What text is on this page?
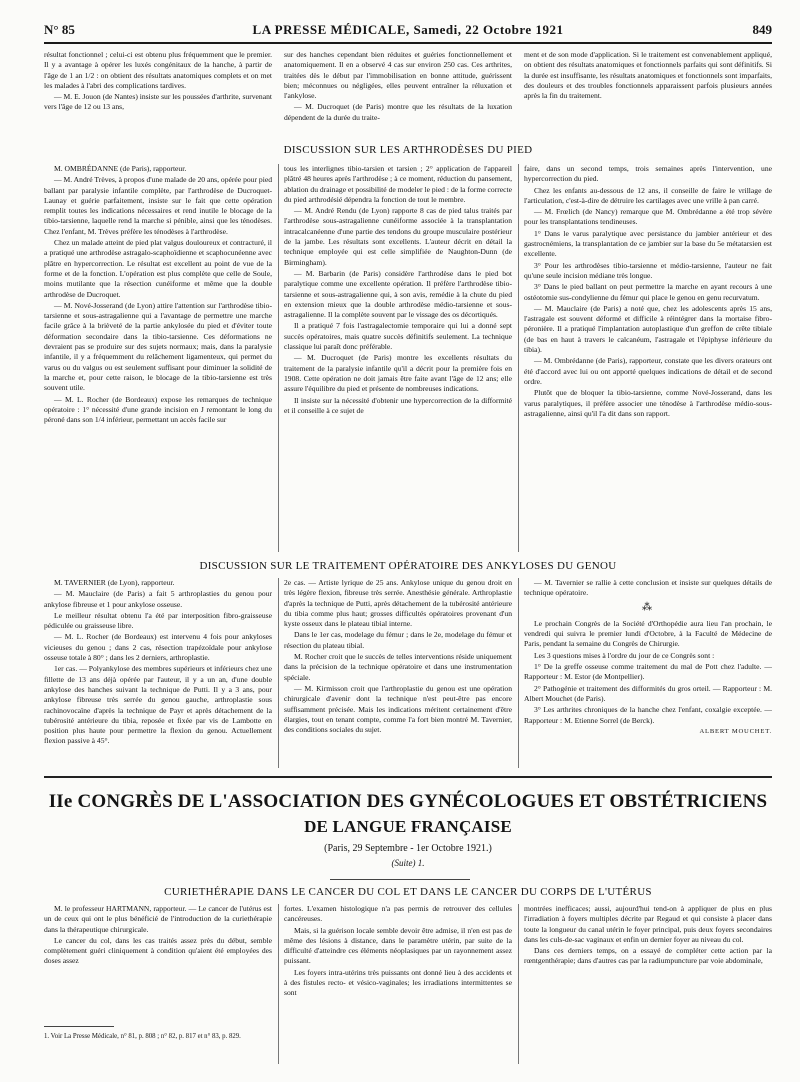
N° 85	LA PRESSE MÉDICALE, Samedi, 22 Octobre 1921	849

résultat fonctionnel ; celui-ci est obtenu plus fréquemment que le premier. Il y a avantage à opérer les luxés congénitaux de la hanche, à partir de l'âge de 1 an 1/2 : on obtient des résultats anatomiques complets et on met les malades à l'abri des complications tardives.

— M. E. Jouon (de Nantes) insiste sur les poussées d'arthrite, survenant vers l'âge de 12 ou 13 ans,

sur des hanches cependant bien réduites et guéries fonctionnellement et anatomiquement. Il en a observé 4 cas sur environ 250 cas. Ces arthrites, traitées dès le début par l'immobilisation en bonne attitude, guérissent bien; méconnues ou négligées, elles peuvent entraîner la réluxation et l'ankylose.

— M. Ducroquet (de Paris) montre que les résultats de la luxation dépendent de la durée du traite-

ment et de son mode d'application. Si le traitement est convenablement appliqué, on obtient des résultats anatomiques et fonctionnels parfaits qui sont définitifs. Si la durée est insuffisante, les résultats anatomiques et fonctionnels sont imparfaits, des douleurs et des troubles fonctionnels apparaissent parfois plusieurs années après la fin du traitement.

DISCUSSION SUR LES ARTHRODÈSES DU PIED

M. OMBRÉDANNE (de Paris), rapporteur.

— M. André Trèves, à propos d'une malade de 20 ans, opérée pour pied ballant par paralysie infantile complète, par l'arthrodèse de Ducroquet-Launay et guérie parfaitement, insiste sur le fait que cette opération remplit toutes les indications nécessaires et rend inutile le blocage de la tibio-tarsienne, laquelle rend la marche si pénible, ainsi que les ténodèses. Chez l'enfant, M. Trèves préfère les ténodèses à l'arthrodèse.

Chez un malade atteint de pied plat valgus douloureux et contracturé, il a pratiqué une arthrodèse astragalo-scaphoïdienne et scaphocunéenne avec plâtre en hypercorrection. Le résultat est excellent au point de vue de la forme et de la fonction. L'opération est plus complète que celle de Soule, moins mutilante que la résection cunéiforme et même que la double arthrodèse de Ducroquet.

— M. Nové-Josserand (de Lyon) attire l'attention sur l'arthrodèse tibio-tarsienne et sous-astragalienne qui a l'avantage de permettre une marche facile grâce à la brièveté de la partie ankylosée du pied et d'éviter toute déformation secondaire dans la tibio-tarsienne. Ces déformations ne devraient pas se produire sur des sujets normaux; mais, dans la paralysie infantile, il y a fréquemment du relâchement ligamenteux, qui permet du varus ou du valgus ou est seulement suffisant pour diminuer la solidité de la marche et, pour cette raison, le blocage de la tibio-tarsienne est très souvent utile.

— M. L. Rocher (de Bordeaux) expose les remarques de technique opératoire : 1° nécessité d'une grande incision en J remontant le long du péroné dans son 1/4 inférieur, permettant un accès facile sur

tous les interlignes tibio-tarsien et tarsien ; 2° application de l'appareil plâtré 48 heures après l'arthrodèse ; à ce moment, réduction du pansement, ablation du drainage et possibilité de modeler le pied : de la forme correcte du pied arthrodésié dépendra la fonction de tout le membre.

— M. André Rendu (de Lyon) rapporte 8 cas de pied talus traités par l'arthrodèse sous-astragalienne cunéiforme associée à la transplantation intracalcanéenne d'une partie des tendons du groupe musculaire postérieur de la jambe. Les résultats sont excellents. L'auteur décrit en détail la technique employée qui est celle simplifiée de Naughton-Dunn (de Birmingham).

— M. Barbarin (de Paris) considère l'arthrodèse dans le pied bot paralytique comme une excellente opération. Il préfère l'arthrodèse tibio-tarsienne et sous-astragalienne qui, à son avis, remédie à la chute du pied en extension mieux que la double arthrodèse médio-tarsienne et sous-astragalienne. Il la complète souvent par le vissage des os décortiqués.

Il a pratiqué 7 fois l'astragalectomie temporaire qui lui a donné sept succès opératoires, mais quatre succès définitifs seulement. La technique classique lui paraît donc préférable.

— M. Ducroquet (de Paris) montre les excellents résultats du traitement de la paralysie infantile qu'il a décrit pour la première fois en 1908. Cette opération ne doit jamais être faite avant l'âge de 12 ans; elle assure l'équilibre du pied et présente de nombreuses indications.

Il insiste sur la nécessité d'obtenir une hypercorrection de la difformité et il conseille à ce sujet de

faire, dans un second temps, trois semaines après l'intervention, une hypercorrection du pied.

Chez les enfants au-dessous de 12 ans, il conseille de faire le vrillage de l'articulation, c'est-à-dire de détruire les cartilages avec une vrille à pan carré.

— M. Frœlich (de Nancy) remarque que M. Ombrédanne a été trop sévère pour les transplantations tendineuses.

1° Dans le varus paralytique avec persistance du jambier antérieur et des gastrocnémiens, la transplantation de ce jambier sur la base du 5e métatarsien est excellente.

3° Pour les arthrodèses tibio-tarsienne et médio-tarsienne, l'auteur ne fait qu'une seule incision médiane très longue.

3° Dans le pied ballant on peut permettre la marche en ayant recours à une ostéotomie sus-condylienne du fémur qui place le genou en genu recurvatum.

— M. Mauclaire (de Paris) a noté que, chez les adolescents après 15 ans, l'astragale est souvent déformé et difficile à réintégrer dans la mortaise fibro-péronière. Il a pratiqué l'implantation autoplastique d'un greffon de crête tibiale (de bas en haut à travers le calcanéum, l'astragale et l'épiphyse inférieure du tibia).

— M. Ombrédanne (de Paris), rapporteur, constate que les divers orateurs ont été d'accord avec lui ou ont apporté quelques indications de détail et de second ordre.

Plutôt que de bloquer la tibio-tarsienne, comme Nové-Josserand, dans les varus paralytiques, il préfère associer une ténodèse à l'arthrodèse médio-sous-astragalienne, ainsi qu'il l'a dit dans son rapport.

DISCUSSION SUR LE TRAITEMENT OPÉRATOIRE DES ANKYLOSES DU GENOU

M. TAVERNIER (de Lyon), rapporteur.

— M. Mauclaire (de Paris) a fait 5 arthroplasties du genou pour ankylose fibreuse et 1 pour ankylose osseuse.

Le meilleur résultat obtenu l'a été par interposition fibro-graisseuse pédiculée ou graisseuse libre.

— M. L. Rocher (de Bordeaux) est intervenu 4 fois pour ankyloses vicieuses du genou ; dans 2 cas, résection trapézoïdale pour ankylose osseuse totale à 80° ; dans les 2 derniers, arthroplastie.

1er cas. — Polyankylose des membres supérieurs et inférieurs chez une fillette de 13 ans déjà opérée par l'auteur, il y a un an, d'une double ankylose des hanches suivant la technique de Putti. Il y a 3 ans, pour ankylose fibreuse très serrée du genou gauche, arthroplastie sous rachinovocaïne d'après la technique de Payr et après détachement de la tubérosité antérieure du tibia, reposée et fixée par vis de Lambotte en position plus haute pour permettre la flexion du genou. Actuellement flexion passive à 45°.

2e cas. — Artiste lyrique de 25 ans. Ankylose unique du genou droit en très légère flexion, fibreuse très serrée. Anesthésie générale. Arthroplastie d'après la technique de Putti, après détachement de la tubérosité antérieure du tibia comme plus haut; grosses difficultés opératoires provenant d'un kyste osseux dans le plateau tibial interne.

Dans le 1er cas, modelage du fémur ; dans le 2e, modelage du fémur et résection du plateau tibial.

M. Rocher croit que le succès de telles interventions réside uniquement dans la précision de la technique opératoire et dans une instrumentation spéciale.

— M. Kirmisson croit que l'arthroplastie du genou est une opération chirurgicale d'avenir dont la technique n'est peut-être pas encore suffisamment précisée. Mais les indications méritent certainement d'être élargies, tout en tenant compte, comme l'a fort bien montré M. Tavernier, des conditions sociales du sujet.

— M. Tavernier se rallie à cette conclusion et insiste sur quelques détails de technique opératoire.

⁂

Le prochain Congrès de la Société d'Orthopédie aura lieu l'an prochain, le vendredi qui suivra le premier lundi d'Octobre, à la Faculté de Médecine de Paris, pendant la semaine du Congrès de Chirurgie.

Les 3 questions mises à l'ordre du jour de ce Congrès sont :

1° De la greffe osseuse comme traitement du mal de Pott chez l'adulte. — Rapporteur : M. Estor (de Montpellier).

2° Pathogénie et traitement des difformités du gros orteil. — Rapporteur : M. Albert Mouchet (de Paris).

3° Les arthrites chroniques de la hanche chez l'enfant, coxalgie exceptée. — Rapporteur : M. Etienne Sorrel (de Berck).

ALBERT MOUCHET.

IIe CONGRÈS DE L'ASSOCIATION DES GYNÉCOLOGUES ET OBSTÉTRICIENS
DE LANGUE FRANÇAISE
(Paris, 29 Septembre - 1er Octobre 1921.)
(Suite) 1.
CURIETHÉRAPIE DANS LE CANCER DU COL ET DANS LE CANCER DU CORPS DE L'UTÉRUS

M. le professeur HARTMANN, rapporteur. — Le cancer de l'utérus est un de ceux qui ont le plus bénéficié de l'introduction de la curiethérapie dans la thérapeutique chirurgicale.

Le cancer du col, dans les cas traités assez près du début, semble complètement guéri cliniquement à condition qu'aient été employées des doses assez

fortes. L'examen histologique n'a pas permis de retrouver des cellules cancéreuses.

Mais, si la guérison locale semble devoir être admise, il n'en est pas de même des lésions à distance, dans le paramètre utérin, par suite de la difficulté d'atteindre ces éléments néoplasiques par un rayonnement assez puissant.

Les foyers intra-utérins très puissants ont donné lieu à des accidents et à des fistules recto- et vésico-vaginales; les irradiations intermittentes se sont

montrées inefficaces; aussi, aujourd'hui tend-on à appliquer de plus en plus l'irradiation à foyers multiples décrite par Regaud et qui consiste à placer dans toute la longueur du canal utérin le foyer principal, puis deux foyers secondaires dans les culs-de-sac vaginaux et enfin un dernier foyer au niveau du col.

Dans ces derniers temps, on a essayé de compléter cette action par la rœntgenthérapie; dans d'autres cas par la radiumpuncture par voie abdominale,

1. Voir La Presse Médicale, n° 81, p. 808 ; n° 82, p. 817 et n° 83, p. 829.
